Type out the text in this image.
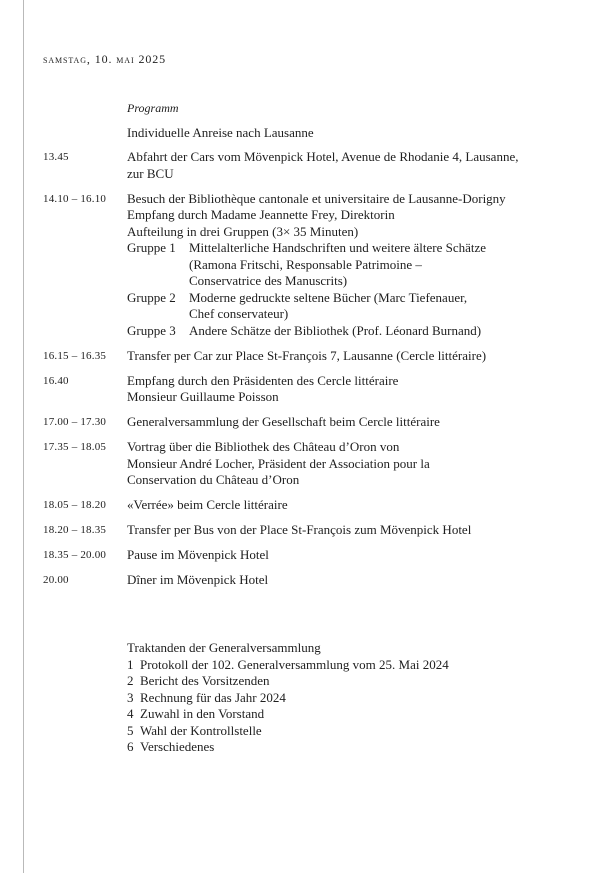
samstag, 10. mai 2025
Programm
Individuelle Anreise nach Lausanne
13.45	Abfahrt der Cars vom Mövenpick Hotel, Avenue de Rhodanie 4, Lausanne,
zur BCU
14.10 – 16.10	Besuch der Bibliothèque cantonale et universitaire de Lausanne-Dorigny
Empfang durch Madame Jeannette Frey, Direktorin
Aufteilung in drei Gruppen (3× 35 Minuten)
Gruppe 1	Mittelalterliche Handschriften und weitere ältere Schätze
(Ramona Fritschi, Responsable Patrimoine –
Conservatrice des Manuscrits)
Gruppe 2	Moderne gedruckte seltene Bücher (Marc Tiefenauer,
Chef conservateur)
Gruppe 3	Andere Schätze der Bibliothek (Prof. Léonard Burnand)
16.15 – 16.35	Transfer per Car zur Place St-François 7, Lausanne (Cercle littéraire)
16.40	Empfang durch den Präsidenten des Cercle littéraire
Monsieur Guillaume Poisson
17.00 – 17.30	Generalversammlung der Gesellschaft beim Cercle littéraire
17.35 – 18.05	Vortrag über die Bibliothek des Château d’Oron von
Monsieur André Locher, Präsident der Association pour la
Conservation du Château d’Oron
18.05 – 18.20	«Verrée» beim Cercle littéraire
18.20 – 18.35	Transfer per Bus von der Place St-François zum Mövenpick Hotel
18.35 – 20.00	Pause im Mövenpick Hotel
20.00	Dîner im Mövenpick Hotel
Traktanden der Generalversammlung
1 Protokoll der 102. Generalversammlung vom 25. Mai 2024
2 Bericht des Vorsitzenden
3 Rechnung für das Jahr 2024
4 Zuwahl in den Vorstand
5 Wahl der Kontrollstelle
6 Verschiedenes
